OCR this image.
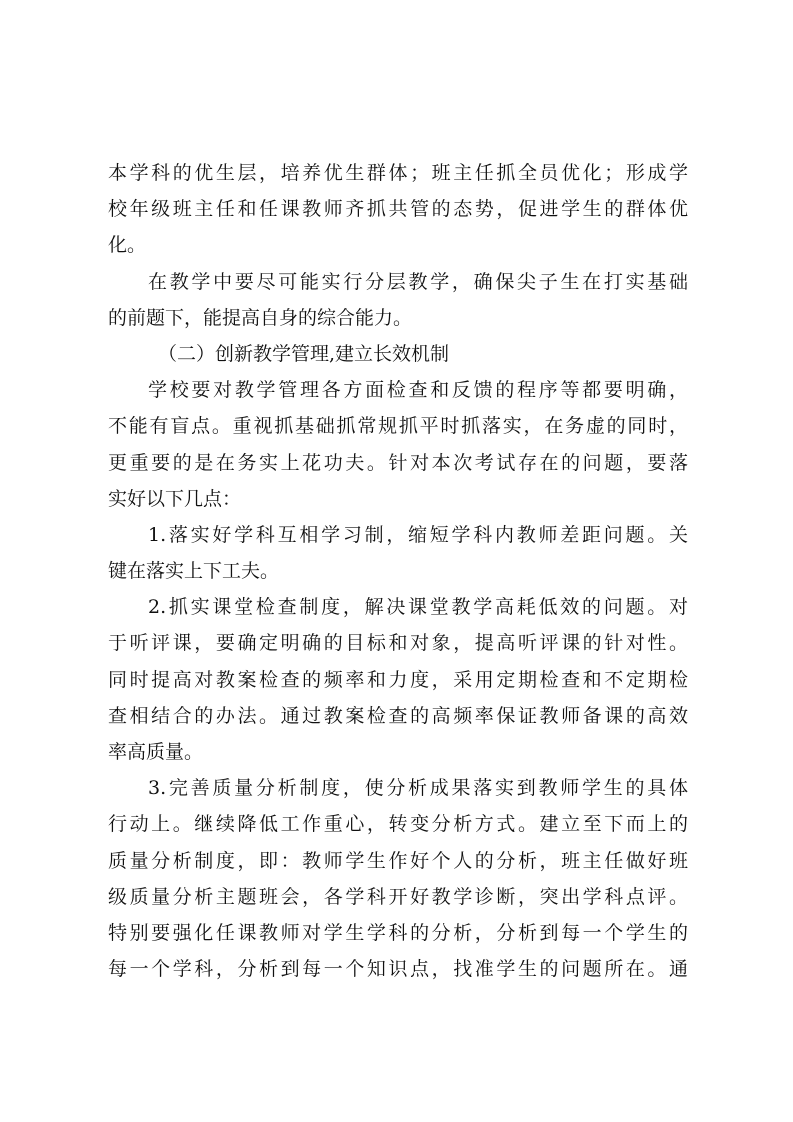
本学科的优生层，培养优生群体；班主任抓全员优化；形成学
校年级班主任和任课教师齐抓共管的态势，促进学生的群体优
化。
在教学中要尽可能实行分层教学，确保尖子生在打实基础
的前题下，能提高自身的综合能力。
（二）创新教学管理,建立长效机制
学校要对教学管理各方面检查和反馈的程序等都要明确，
不能有盲点。重视抓基础抓常规抓平时抓落实，在务虚的同时，
更重要的是在务实上花功夫。针对本次考试存在的问题，要落
实好以下几点：
1.落实好学科互相学习制，缩短学科内教师差距问题。关
键在落实上下工夫。
2.抓实课堂检查制度，解决课堂教学高耗低效的问题。对
于听评课，要确定明确的目标和对象，提高听评课的针对性。
同时提高对教案检查的频率和力度，采用定期检查和不定期检
查相结合的办法。通过教案检查的高频率保证教师备课的高效
率高质量。
3.完善质量分析制度，使分析成果落实到教师学生的具体
行动上。继续降低工作重心，转变分析方式。建立至下而上的
质量分析制度，即：教师学生作好个人的分析，班主任做好班
级质量分析主题班会，各学科开好教学诊断，突出学科点评。
特别要强化任课教师对学生学科的分析，分析到每一个学生的
每一个学科，分析到每一个知识点，找准学生的问题所在。通
